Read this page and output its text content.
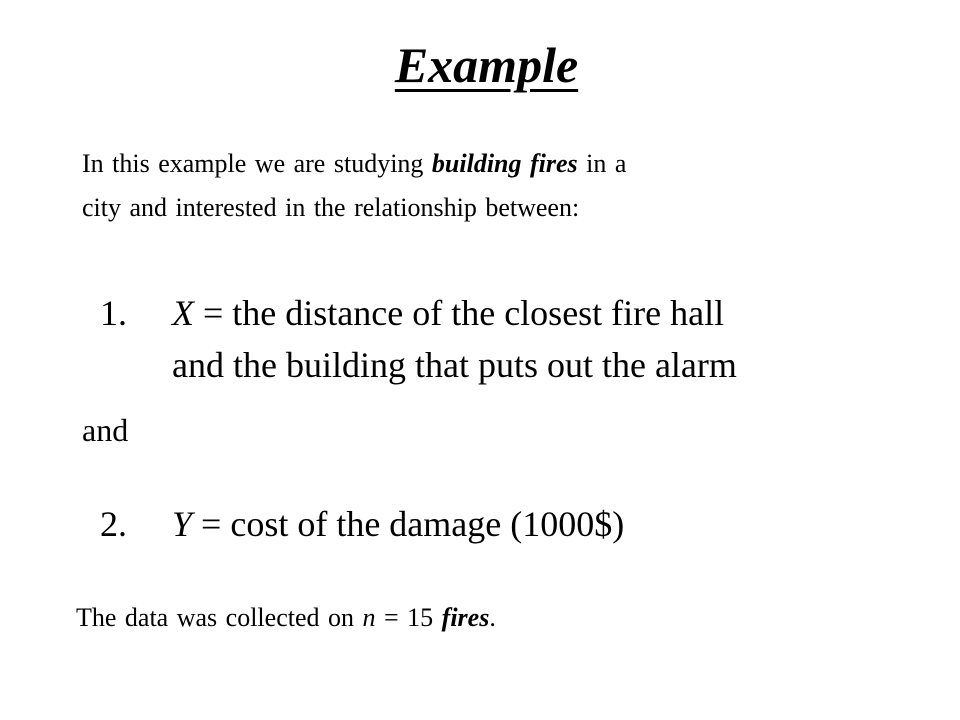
Example
In this example we are studying building fires in a
city and interested in the relationship between:
1. X = the distance of the closest fire hall
and the building that puts out the alarm
and
2. Y = cost of the damage (1000$)
The data was collected on n = 15 fires.
